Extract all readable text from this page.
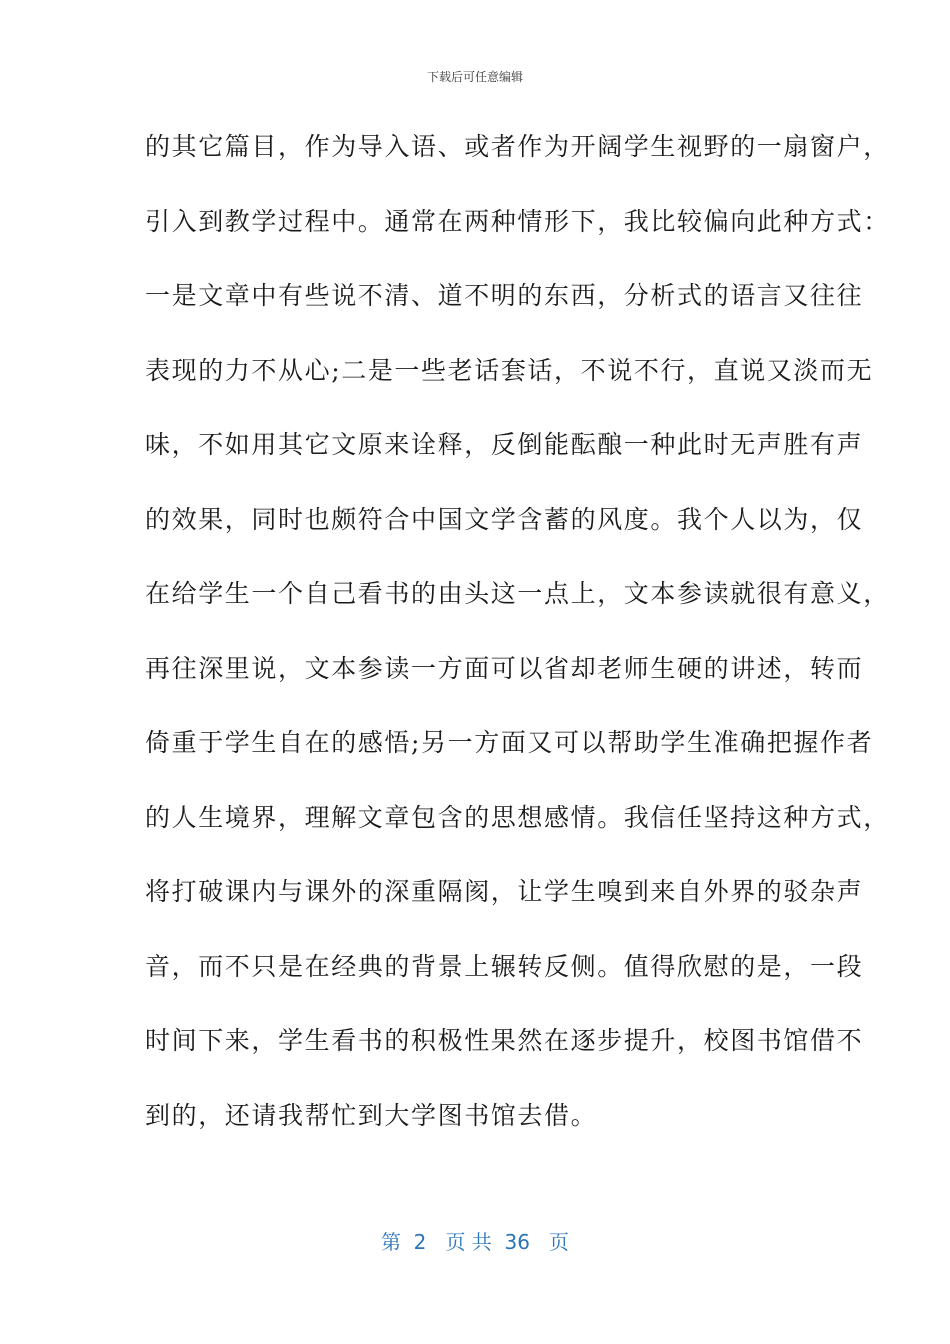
下载后可任意编辑
的其它篇目，作为导入语、或者作为开阔学生视野的一扇窗户，
引入到教学过程中。通常在两种情形下，我比较偏向此种方式：
一是文章中有些说不清、道不明的东西，分析式的语言又往往
表现的力不从心;二是一些老话套话，不说不行，直说又淡而无
味，不如用其它文原来诠释，反倒能酝酿一种此时无声胜有声
的效果，同时也颇符合中国文学含蓄的风度。我个人以为，仅
在给学生一个自己看书的由头这一点上，文本参读就很有意义，
再往深里说，文本参读一方面可以省却老师生硬的讲述，转而
倚重于学生自在的感悟;另一方面又可以帮助学生准确把握作者
的人生境界，理解文章包含的思想感情。我信任坚持这种方式，
将打破课内与课外的深重隔阂，让学生嗅到来自外界的驳杂声
音，而不只是在经典的背景上辗转反侧。值得欣慰的是，一段
时间下来，学生看书的积极性果然在逐步提升，校图书馆借不
到的，还请我帮忙到大学图书馆去借。
第  2   页 共  36   页
